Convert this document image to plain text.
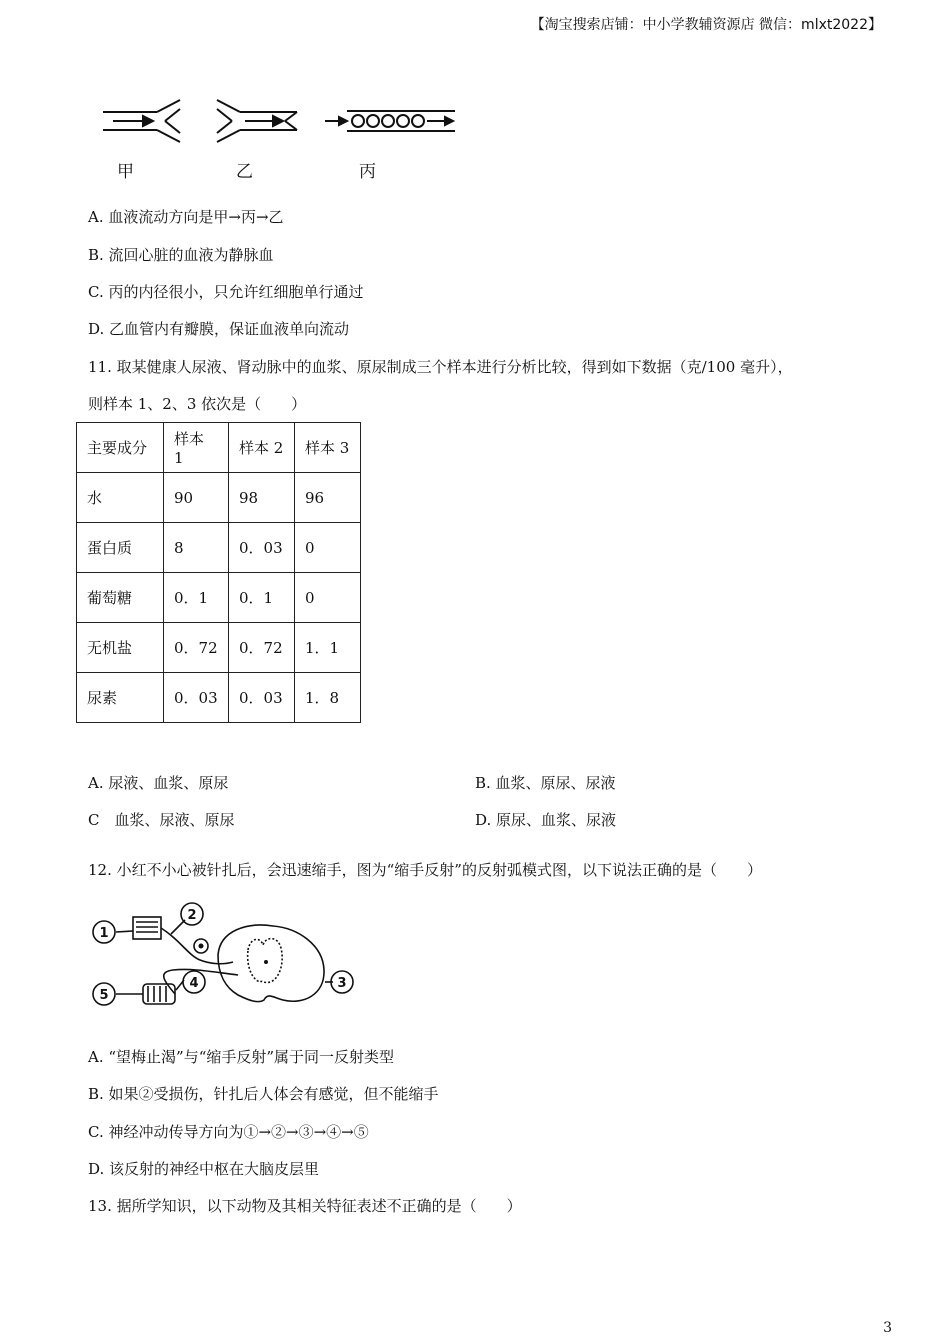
【淘宝搜索店铺：中小学教辅资源店 微信：mlxt2022】
甲	乙	丙
A. 血液流动方向是甲→丙→乙
B. 流回心脏的血液为静脉血
C. 丙的内径很小，只允许红细胞单行通过
D. 乙血管内有瓣膜，保证血液单向流动
11. 取某健康人尿液、肾动脉中的血浆、原尿制成三个样本进行分析比较，得到如下数据（克/100 毫升），
则样本 1、2、3 依次是（　　）
主要成分	样本 1	样本 2	样本 3
水	90	98	96
蛋白质	8	0．03	0
葡萄糖	0．1	0．1	0
无机盐	0．72	0．72	1．1
尿素	0．03	0．03	1．8
A. 尿液、血浆、原尿	B. 血浆、原尿、尿液
C　血浆、尿液、原尿	D. 原尿、血浆、尿液
12. 小红不小心被针扎后，会迅速缩手，图为“缩手反射”的反射弧模式图，以下说法正确的是（　　）
1
2
3
4
5
A. “望梅止渴”与“缩手反射”属于同一反射类型
B. 如果②受损伤，针扎后人体会有感觉，但不能缩手
C. 神经冲动传导方向为①→②→③→④→⑤
D. 该反射的神经中枢在大脑皮层里
13. 据所学知识，以下动物及其相关特征表述不正确的是（　　）
3
